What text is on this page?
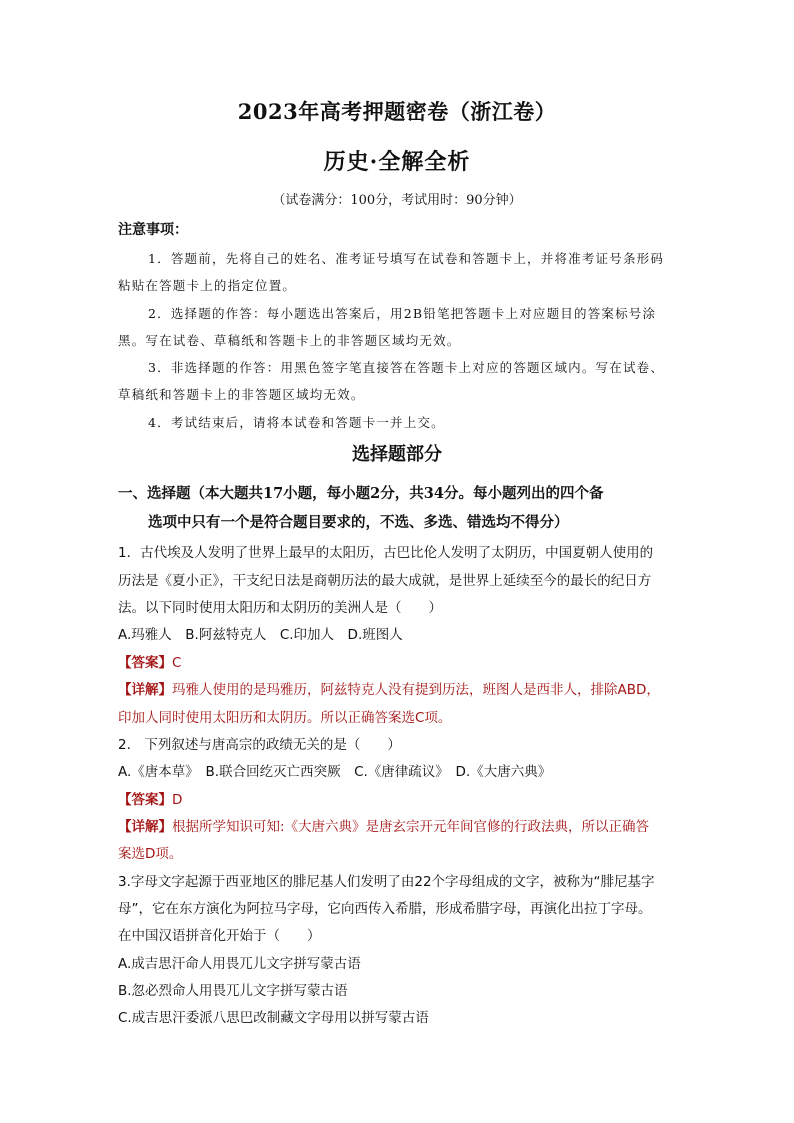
2023年高考押题密卷（浙江卷）
历史·全解全析
（试卷满分：100分，考试用时：90分钟）
注意事项：
1．答题前，先将自己的姓名、准考证号填写在试卷和答题卡上，并将准考证号条形码
粘贴在答题卡上的指定位置。
2．选择题的作答：每小题选出答案后，用2B铅笔把答题卡上对应题目的答案标号涂
黑。写在试卷、草稿纸和答题卡上的非答题区域均无效。
3．非选择题的作答：用黑色签字笔直接答在答题卡上对应的答题区域内。写在试卷、
草稿纸和答题卡上的非答题区域均无效。
4．考试结束后，请将本试卷和答题卡一并上交。
选择题部分
一、选择题（本大题共17小题，每小题2分，共34分。每小题列出的四个备
选项中只有一个是符合题目要求的，不选、多选、错选均不得分）
1．古代埃及人发明了世界上最早的太阳历，古巴比伦人发明了太阴历，中国夏朝人使用的
历法是《夏小正》，干支纪日法是商朝历法的最大成就，是世界上延续至今的最长的纪日方
法。以下同时使用太阳历和太阴历的美洲人是（　　）
A.玛雅人　B.阿兹特克人　C.印加人　D.班图人
【答案】C
【详解】玛雅人使用的是玛雅历，阿兹特克人没有提到历法，班图人是西非人，排除ABD，
印加人同时使用太阳历和太阴历。所以正确答案选C项。
2.　下列叙述与唐高宗的政绩无关的是（　　）
A.《唐本草》　B.联合回纥灭亡西突厥　C.《唐律疏议》　D.《大唐六典》
【答案】D
【详解】根据所学知识可知:《大唐六典》是唐玄宗开元年间官修的行政法典，所以正确答
案选D项。
3.字母文字起源于西亚地区的腓尼基人们发明了由22个字母组成的文字，被称为“腓尼基字
母”，它在东方演化为阿拉马字母，它向西传入希腊，形成希腊字母，再演化出拉丁字母。
在中国汉语拼音化开始于（　　）
A.成吉思汗命人用畏兀儿文字拼写蒙古语
B.忽必烈命人用畏兀儿文字拼写蒙古语
C.成吉思汗委派八思巴改制藏文字母用以拼写蒙古语
